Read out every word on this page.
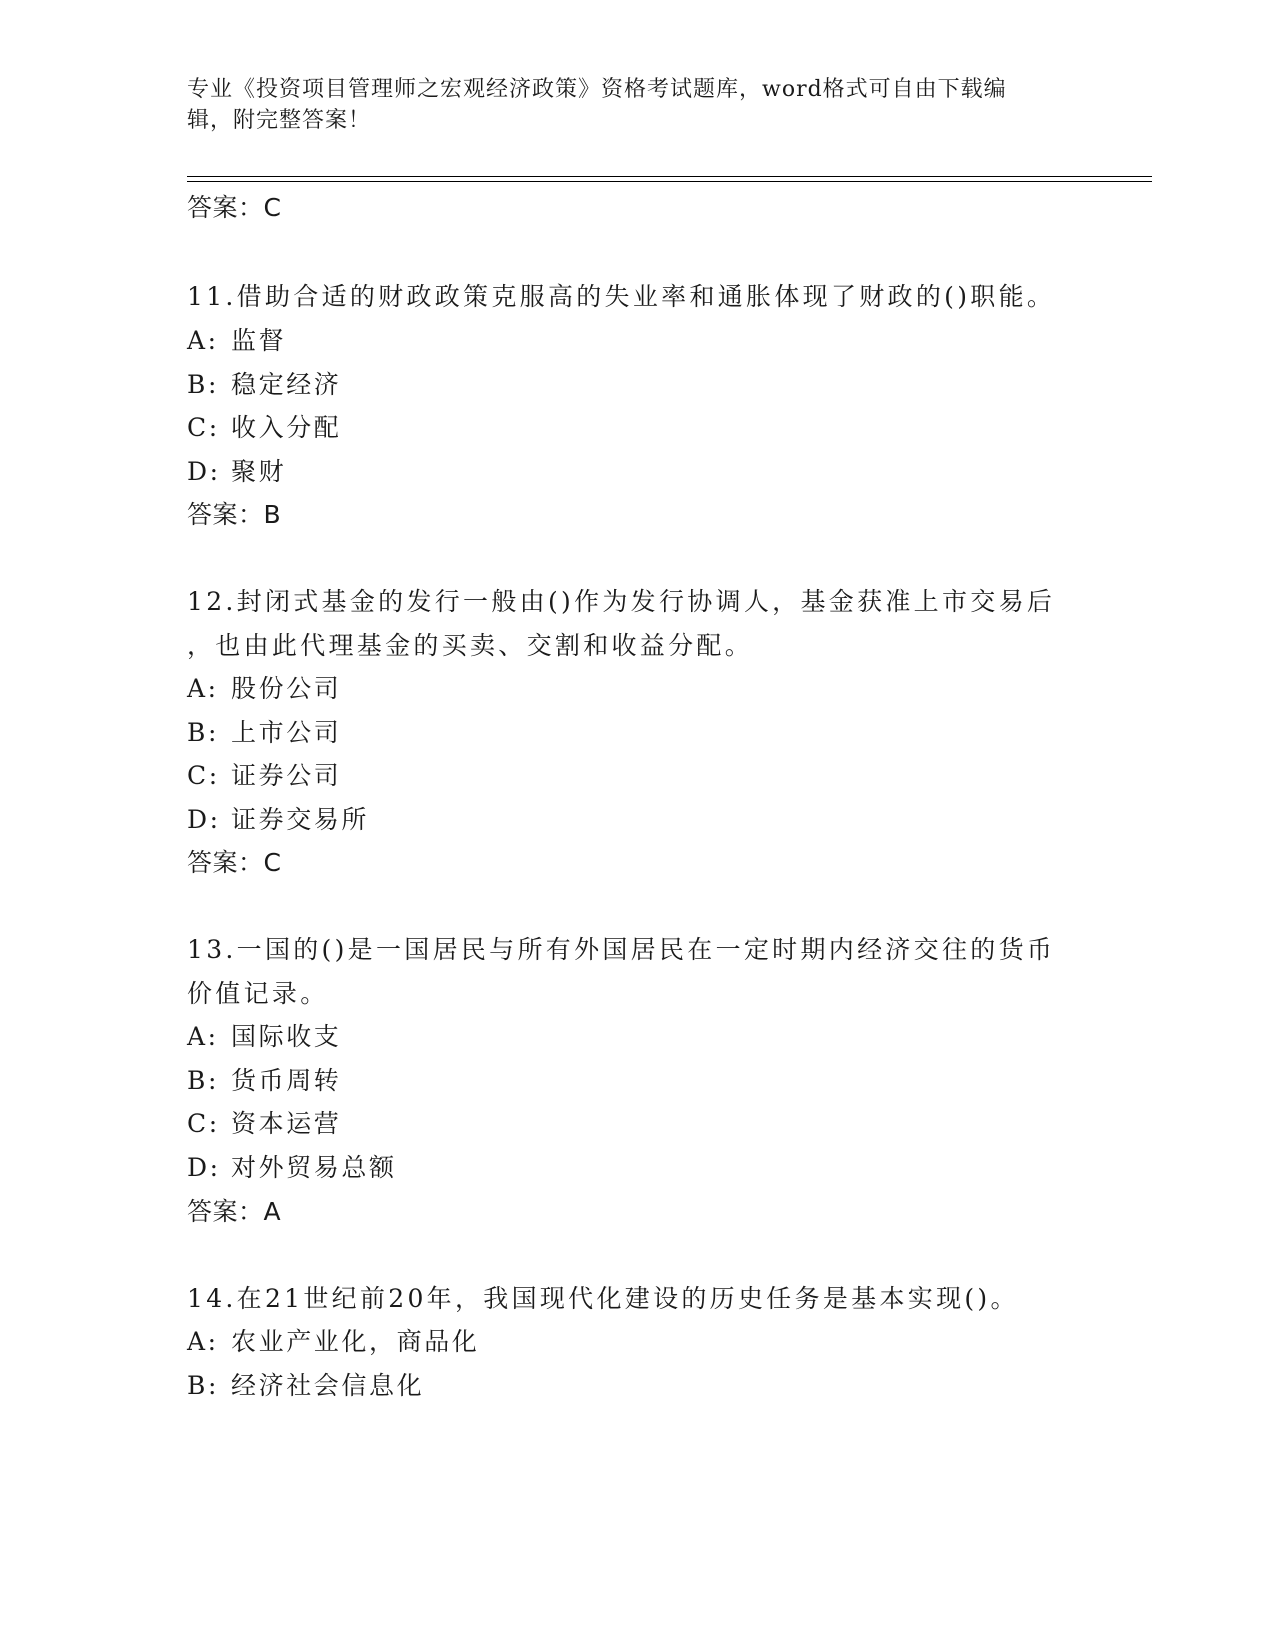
专业《投资项目管理师之宏观经济政策》资格考试题库，word格式可自由下载编
辑，附完整答案！
答案：C
11.借助合适的财政政策克服高的失业率和通胀体现了财政的()职能。
A: 监督
B: 稳定经济
C: 收入分配
D: 聚财
答案：B
12.封闭式基金的发行一般由()作为发行协调人，基金获准上市交易后
，也由此代理基金的买卖、交割和收益分配。
A: 股份公司
B: 上市公司
C: 证券公司
D: 证券交易所
答案：C
13.一国的()是一国居民与所有外国居民在一定时期内经济交往的货币
价值记录。
A: 国际收支
B: 货币周转
C: 资本运营
D: 对外贸易总额
答案：A
14.在21世纪前20年，我国现代化建设的历史任务是基本实现()。
A: 农业产业化，商品化
B: 经济社会信息化
